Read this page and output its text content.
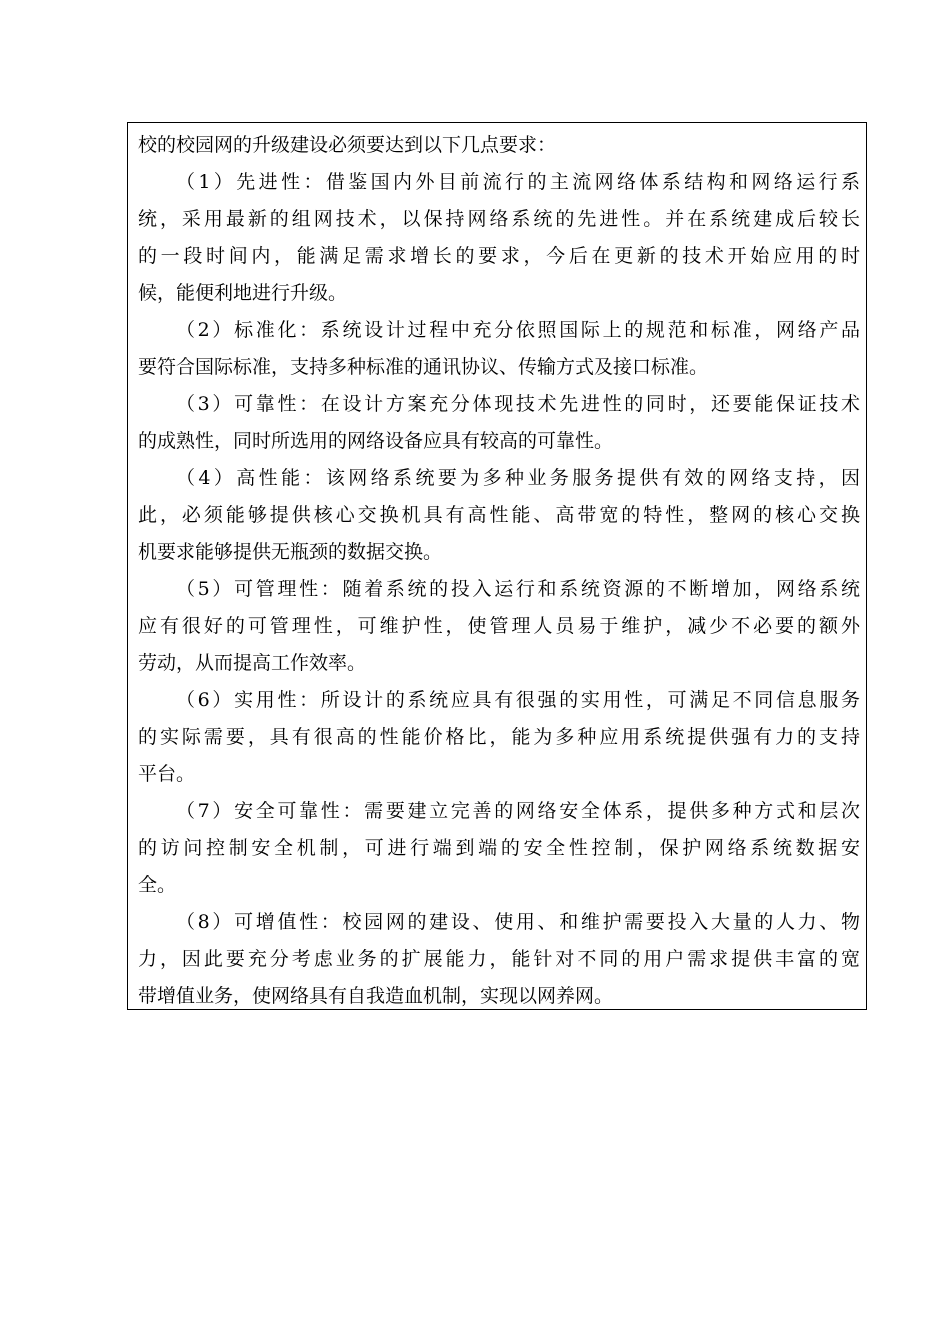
校的校园网的升级建设必须要达到以下几点要求：
（1）先进性：借鉴国内外目前流行的主流网络体系结构和网络运行系
统，采用最新的组网技术，以保持网络系统的先进性。并在系统建成后较长
的一段时间内，能满足需求增长的要求，今后在更新的技术开始应用的时
候，能便利地进行升级。
（2）标准化：系统设计过程中充分依照国际上的规范和标准，网络产品
要符合国际标准，支持多种标准的通讯协议、传输方式及接口标准。
（3）可靠性：在设计方案充分体现技术先进性的同时，还要能保证技术
的成熟性，同时所选用的网络设备应具有较高的可靠性。
（4）高性能：该网络系统要为多种业务服务提供有效的网络支持，因
此，必须能够提供核心交换机具有高性能、高带宽的特性，整网的核心交换
机要求能够提供无瓶颈的数据交换。
（5）可管理性：随着系统的投入运行和系统资源的不断增加，网络系统
应有很好的可管理性，可维护性，使管理人员易于维护，减少不必要的额外
劳动，从而提高工作效率。
（6）实用性：所设计的系统应具有很强的实用性，可满足不同信息服务
的实际需要，具有很高的性能价格比，能为多种应用系统提供强有力的支持
平台。
（7）安全可靠性：需要建立完善的网络安全体系，提供多种方式和层次
的访问控制安全机制，可进行端到端的安全性控制，保护网络系统数据安
全。
（8）可增值性：校园网的建设、使用、和维护需要投入大量的人力、物
力，因此要充分考虑业务的扩展能力，能针对不同的用户需求提供丰富的宽
带增值业务，使网络具有自我造血机制，实现以网养网。
